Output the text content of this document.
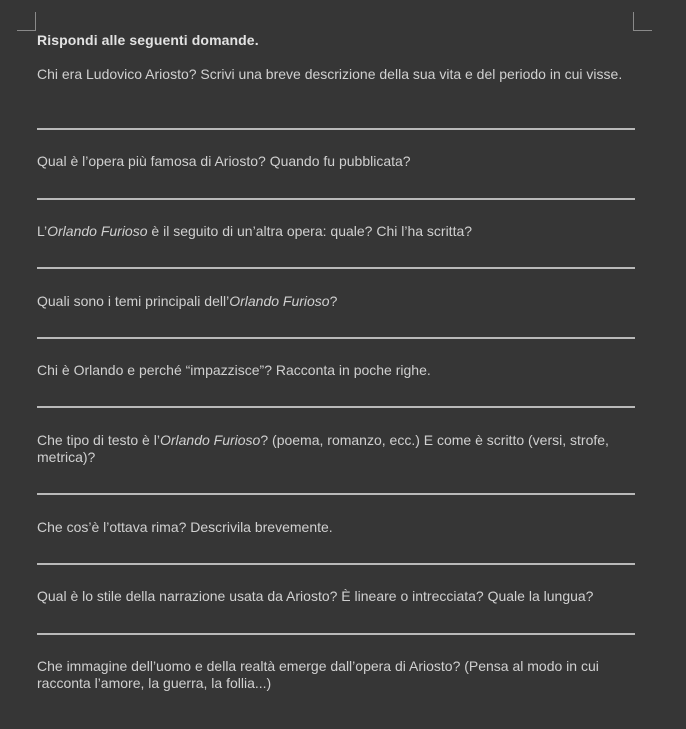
Rispondi alle seguenti domande.
Chi era Ludovico Ariosto? Scrivi una breve descrizione della sua vita e del periodo in cui visse.
Qual è l’opera più famosa di Ariosto? Quando fu pubblicata?
L’Orlando Furioso è il seguito di un’altra opera: quale? Chi l’ha scritta?
Quali sono i temi principali dell’Orlando Furioso?
Chi è Orlando e perché “impazzisce”? Racconta in poche righe.
Che tipo di testo è l’Orlando Furioso? (poema, romanzo, ecc.) E come è scritto (versi, strofe, metrica)?
Che cos’è l’ottava rima? Descrivila brevemente.
Qual è lo stile della narrazione usata da Ariosto? È lineare o intrecciata? Quale la lungua?
Che immagine dell’uomo e della realtà emerge dall’opera di Ariosto? (Pensa al modo in cui racconta l’amore, la guerra, la follia...)
